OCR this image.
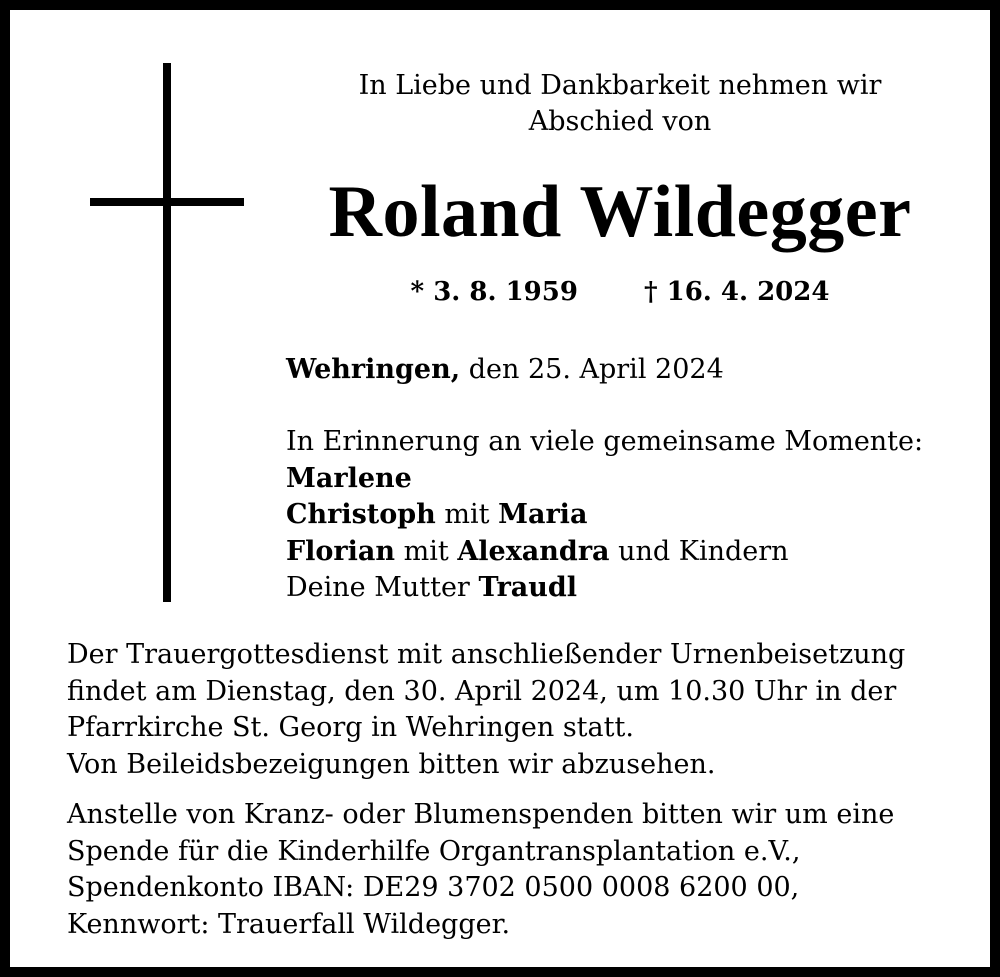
In Liebe und Dankbarkeit nehmen wir
Abschied von
Roland Wildegger
* 3. 8. 1959	† 16. 4. 2024
Wehringen, den 25. April 2024
In Erinnerung an viele gemeinsame Momente:
Marlene
Christoph mit Maria
Florian mit Alexandra und Kindern
Deine Mutter Traudl
Der Trauergottesdienst mit anschließender Urnenbeisetzung
findet am Dienstag, den 30. April 2024, um 10.30 Uhr in der
Pfarrkirche St. Georg in Wehringen statt.
Von Beileidsbezeigungen bitten wir abzusehen.
Anstelle von Kranz- oder Blumenspenden bitten wir um eine
Spende für die Kinderhilfe Organtransplantation e.V.,
Spendenkonto IBAN: DE29 3702 0500 0008 6200 00,
Kennwort: Trauerfall Wildegger.
